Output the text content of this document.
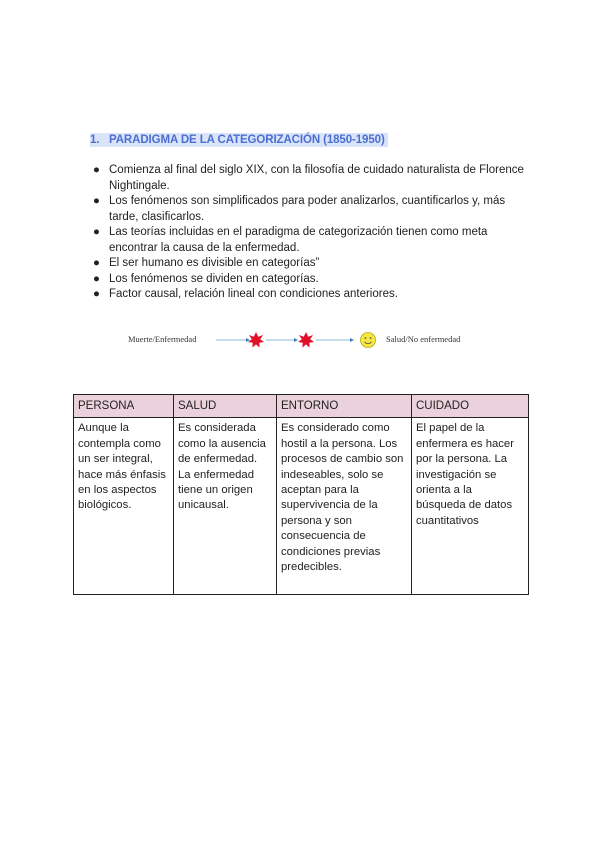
1. PARADIGMA DE LA CATEGORIZACIÓN (1850-1950)
● Comienza al final del siglo XIX, con la filosofía de cuidado naturalista de Florence Nightingale.
● Los fenómenos son simplificados para poder analizarlos, cuantificarlos y, más tarde, clasificarlos.
● Las teorías incluidas en el paradigma de categorización tienen como meta encontrar la causa de la enfermedad.
● El ser humano es divisible en categorías”
● Los fenómenos se dividen en categorías.
● Factor causal, relación lineal con condiciones anteriores.
Muerte/Enfermedad	Salud/No enfermedad
PERSONA	SALUD	ENTORNO	CUIDADO
Aunque la contempla como un ser integral, hace más énfasis en los aspectos biológicos.	Es considerada como la ausencia de enfermedad. La enfermedad tiene un origen unicausal.	Es considerado como hostil a la persona. Los procesos de cambio son indeseables, solo se aceptan para la supervivencia de la persona y son consecuencia de condiciones previas predecibles.	El papel de la enfermera es hacer por la persona. La investigación se orienta a la búsqueda de datos cuantitativos
